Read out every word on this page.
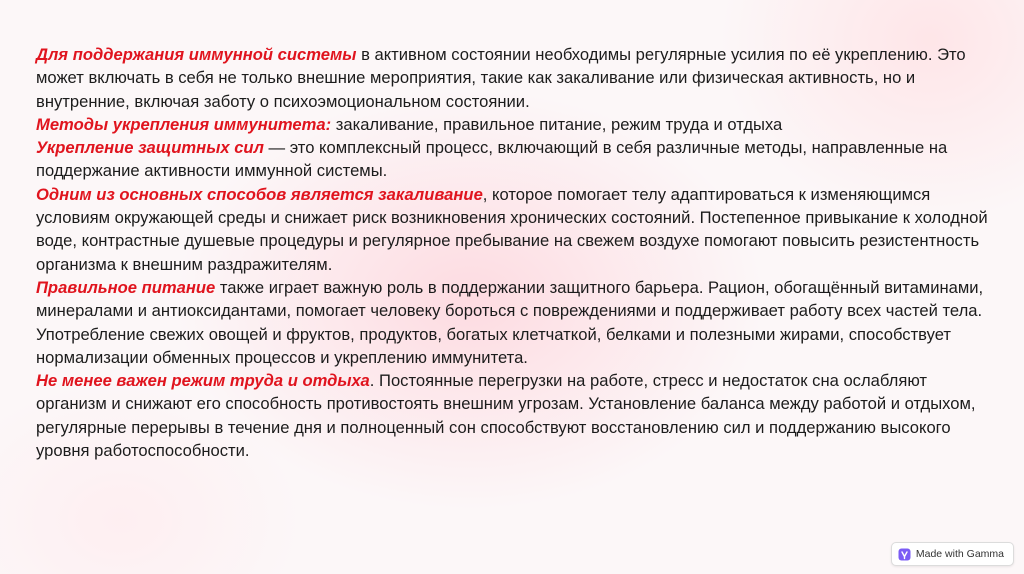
Для поддержания иммунной системы в активном состоянии необходимы регулярные усилия по её укреплению. Это может включать в себя не только внешние мероприятия, такие как закаливание или физическая активность, но и внутренние, включая заботу о психоэмоциональном состоянии.

Методы укрепления иммунитета: закаливание, правильное питание, режим труда и отдыха

Укрепление защитных сил — это комплексный процесс, включающий в себя различные методы, направленные на поддержание активности иммунной системы.

Одним из основных способов является закаливание, которое помогает телу адаптироваться к изменяющимся условиям окружающей среды и снижает риск возникновения хронических состояний. Постепенное привыкание к холодной воде, контрастные душевые процедуры и регулярное пребывание на свежем воздухе помогают повысить резистентность организма к внешним раздражителям.

Правильное питание также играет важную роль в поддержании защитного барьера. Рацион, обогащённый витаминами, минералами и антиоксидантами, помогает человеку бороться с повреждениями и поддерживает работу всех частей тела. Употребление свежих овощей и фруктов, продуктов, богатых клетчаткой, белками и полезными жирами, способствует нормализации обменных процессов и укреплению иммунитета.

Не менее важен режим труда и отдыха. Постоянные перегрузки на работе, стресс и недостаток сна ослабляют организм и снижают его способность противостоять внешним угрозам. Установление баланса между работой и отдыхом, регулярные перерывы в течение дня и полноценный сон способствуют восстановлению сил и поддержанию высокого уровня работоспособности.

Made with Gamma
